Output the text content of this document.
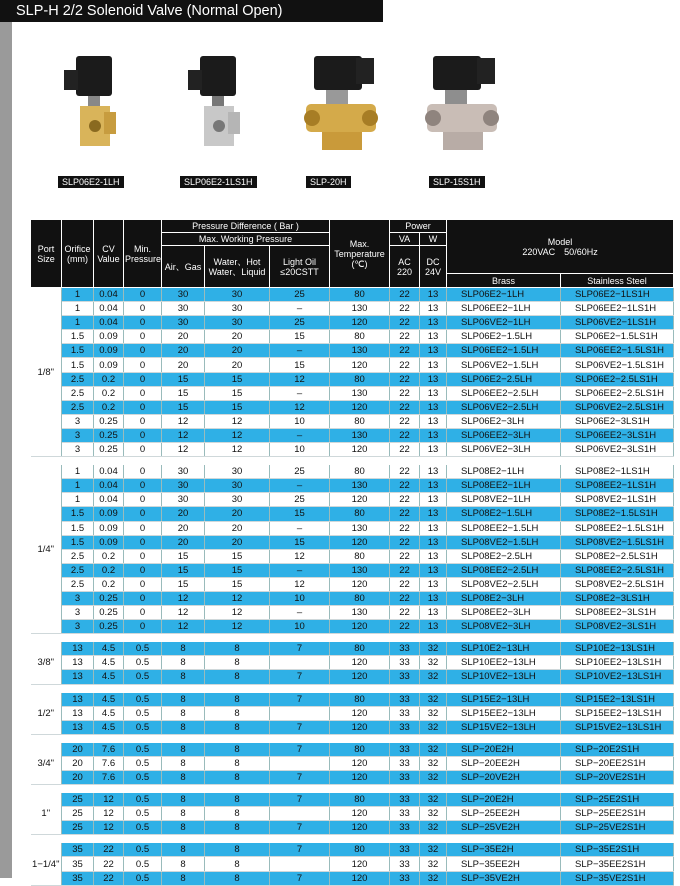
SLP-H 2/2 Solenoid Valve (Normal Open)
SLP06E2-1LH	SLP06E2-1LS1H	SLP-20H	SLP-15S1H
Port Size	Orifice (mm)	CV Value	Min. Pressure	Pressure Difference ( Bar )			Max. Temperature (℃)	Power		Model
220VAC　50/60Hz	
				Max. Working Pressure				VA	W		
				Air、Gas	Water、Hot Water、Liquid	Light Oil ≤20CSTT		AC 220	DC 24V		
										Brass	Stainless Steel
1/8"	1	0.04	0	30	30	25	80	22	13	SLP06E2−1LH	SLP06E2−1LS1H
	1	0.04	0	30	30	–	130	22	13	SLP06EE2−1LH	SLP06EE2−1LS1H
	1	0.04	0	30	30	25	120	22	13	SLP06VE2−1LH	SLP06VE2−1LS1H
	1.5	0.09	0	20	20	15	80	22	13	SLP06E2−1.5LH	SLP06E2−1.5LS1H
	1.5	0.09	0	20	20	–	130	22	13	SLP06EE2−1.5LH	SLP06EE2−1.5LS1H
	1.5	0.09	0	20	20	15	120	22	13	SLP06VE2−1.5LH	SLP06VE2−1.5LS1H
	2.5	0.2	0	15	15	12	80	22	13	SLP06E2−2.5LH	SLP06E2−2.5LS1H
	2.5	0.2	0	15	15	–	130	22	13	SLP06EE2−2.5LH	SLP06EE2−2.5LS1H
	2.5	0.2	0	15	15	12	120	22	13	SLP06VE2−2.5LH	SLP06VE2−2.5LS1H
	3	0.25	0	12	12	10	80	22	13	SLP06E2−3LH	SLP06E2−3LS1H
	3	0.25	0	12	12	–	130	22	13	SLP06EE2−3LH	SLP06EE2−3LS1H
	3	0.25	0	12	12	10	120	22	13	SLP06VE2−3LH	SLP06VE2−3LS1H

1/4"	1	0.04	0	30	30	25	80	22	13	SLP08E2−1LH	SLP08E2−1LS1H
	1	0.04	0	30	30	–	130	22	13	SLP08EE2−1LH	SLP08EE2−1LS1H
	1	0.04	0	30	30	25	120	22	13	SLP08VE2−1LH	SLP08VE2−1LS1H
	1.5	0.09	0	20	20	15	80	22	13	SLP08E2−1.5LH	SLP08E2−1.5LS1H
	1.5	0.09	0	20	20	–	130	22	13	SLP08EE2−1.5LH	SLP08EE2−1.5LS1H
	1.5	0.09	0	20	20	15	120	22	13	SLP08VE2−1.5LH	SLP08VE2−1.5LS1H
	2.5	0.2	0	15	15	12	80	22	13	SLP08E2−2.5LH	SLP08E2−2.5LS1H
	2.5	0.2	0	15	15	–	130	22	13	SLP08EE2−2.5LH	SLP08EE2−2.5LS1H
	2.5	0.2	0	15	15	12	120	22	13	SLP08VE2−2.5LH	SLP08VE2−2.5LS1H
	3	0.25	0	12	12	10	80	22	13	SLP08E2−3LH	SLP08E2−3LS1H
	3	0.25	0	12	12	–	130	22	13	SLP08EE2−3LH	SLP08EE2−3LS1H
	3	0.25	0	12	12	10	120	22	13	SLP08VE2−3LH	SLP08VE2−3LS1H

3/8"	13	4.5	0.5	8	8	7	80	33	32	SLP10E2−13LH	SLP10E2−13LS1H
	13	4.5	0.5	8	8		120	33	32	SLP10EE2−13LH	SLP10EE2−13LS1H
	13	4.5	0.5	8	8	7	120	33	32	SLP10VE2−13LH	SLP10VE2−13LS1H

1/2"	13	4.5	0.5	8	8	7	80	33	32	SLP15E2−13LH	SLP15E2−13LS1H
	13	4.5	0.5	8	8		120	33	32	SLP15EE2−13LH	SLP15EE2−13LS1H
	13	4.5	0.5	8	8	7	120	33	32	SLP15VE2−13LH	SLP15VE2−13LS1H

3/4"	20	7.6	0.5	8	8	7	80	33	32	SLP−20E2H	SLP−20E2S1H
	20	7.6	0.5	8	8		120	33	32	SLP−20EE2H	SLP−20EE2S1H
	20	7.6	0.5	8	8	7	120	33	32	SLP−20VE2H	SLP−20VE2S1H

1"	25	12	0.5	8	8	7	80	33	32	SLP−20E2H	SLP−25E2S1H
	25	12	0.5	8	8		120	33	32	SLP−25EE2H	SLP−25EE2S1H
	25	12	0.5	8	8	7	120	33	32	SLP−25VE2H	SLP−25VE2S1H

1−1/4"	35	22	0.5	8	8	7	80	33	32	SLP−35E2H	SLP−35E2S1H
	35	22	0.5	8	8		120	33	32	SLP−35EE2H	SLP−35EE2S1H
	35	22	0.5	8	8	7	120	33	32	SLP−35VE2H	SLP−35VE2S1H
